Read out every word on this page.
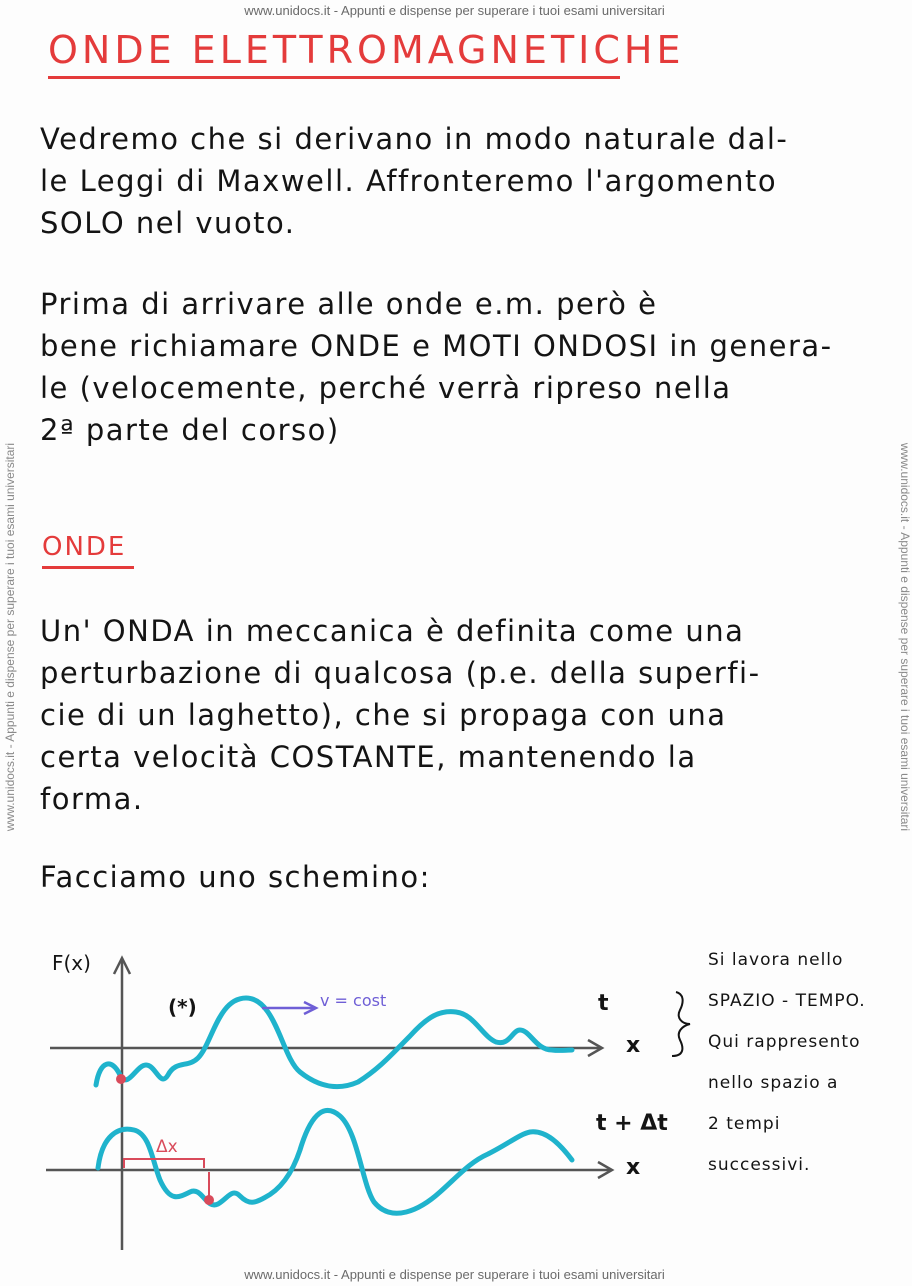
www.unidocs.it - Appunti e dispense per superare i tuoi esami universitari
www.unidocs.it - Appunti e dispense per superare i tuoi esami universitari
www.unidocs.it - Appunti e dispense per superare i tuoi esami universitari	www.unidocs.it - Appunti e dispense per superare i tuoi esami universitari
ONDE ELETTROMAGNETICHE
Vedremo che si derivano in modo naturale dal-
le Leggi di Maxwell. Affronteremo l'argomento
SOLO nel vuoto.
Prima di arrivare alle onde e.m. però è
bene richiamare ONDE e MOTI ONDOSI in genera-
le (velocemente, perché verrà ripreso nella
2ª parte del corso)
ONDE
Un' ONDA in meccanica è definita come una
perturbazione di qualcosa (p.e. della superfi-
cie di un laghetto), che si propaga con una
certa velocità COSTANTE, mantenendo la
forma.
Facciamo uno schemino:
F(x)
Δx
(*)	v = cost	t
x
t + Δt
x
Si lavora nello
SPAZIO - TEMPO.
Qui rappresento
nello spazio a
2 tempi
successivi.
